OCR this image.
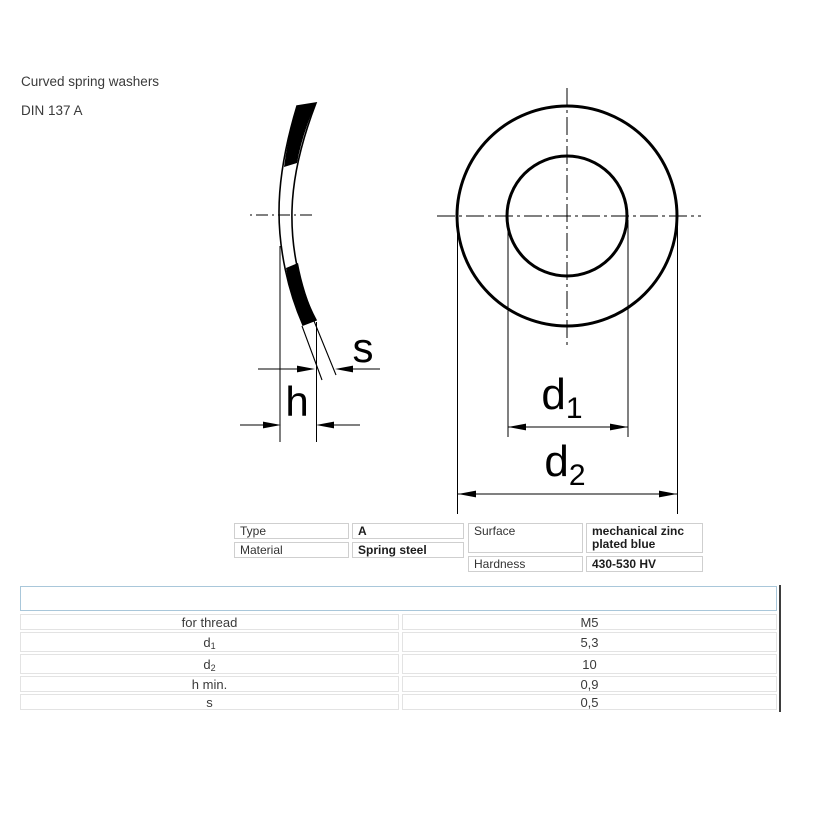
Curved spring washers
DIN 137 A
s
h	$d_1$
$d_2$
Type	A
Material	Spring steel
Surface	mechanical zinc plated blue
Hardness	430-530 HV
for thread	M5
d 1	5,3
d 2	10
h min.	0,9
s	0,5
